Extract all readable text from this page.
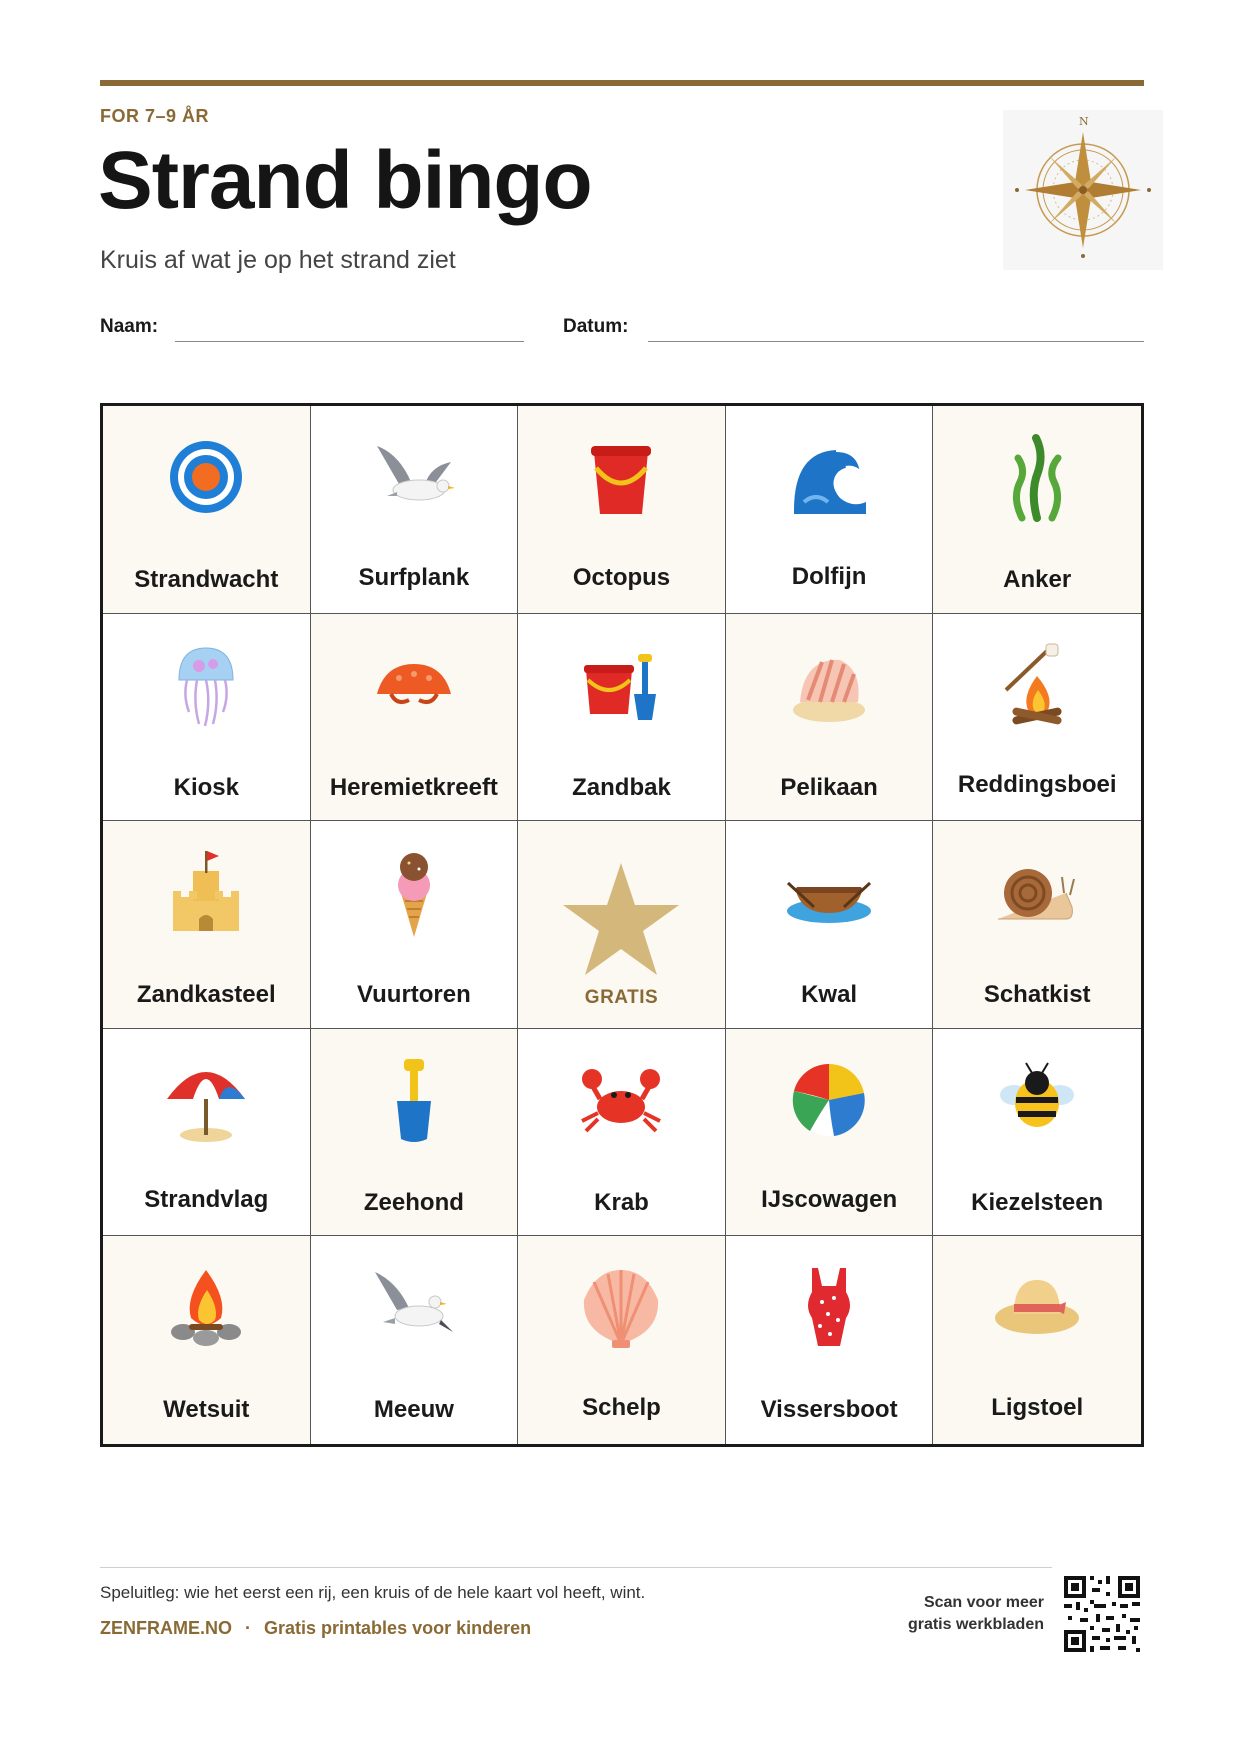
FOR 7–9 ÅR
Strand bingo
Kruis af wat je op het strand ziet
N
Naam:	Datum:
Strandwacht	Surfplank	Octopus	Dolfijn	Anker
Kiosk	Heremietkreeft	Zandbak	Pelikaan	Reddingsboei
Zandkasteel	Vuurtoren	GRATIS	Kwal	Schatkist
Strandvlag	Zeehond	Krab	IJscowagen	Kiezelsteen
Wetsuit	Meeuw	Schelp	Vissersboot	Ligstoel
Speluitleg: wie het eerst een rij, een kruis of de hele kaart vol heeft, wint.
ZENFRAME.NO · Gratis printables voor kinderen
Scan voor meer
gratis werkbladen
